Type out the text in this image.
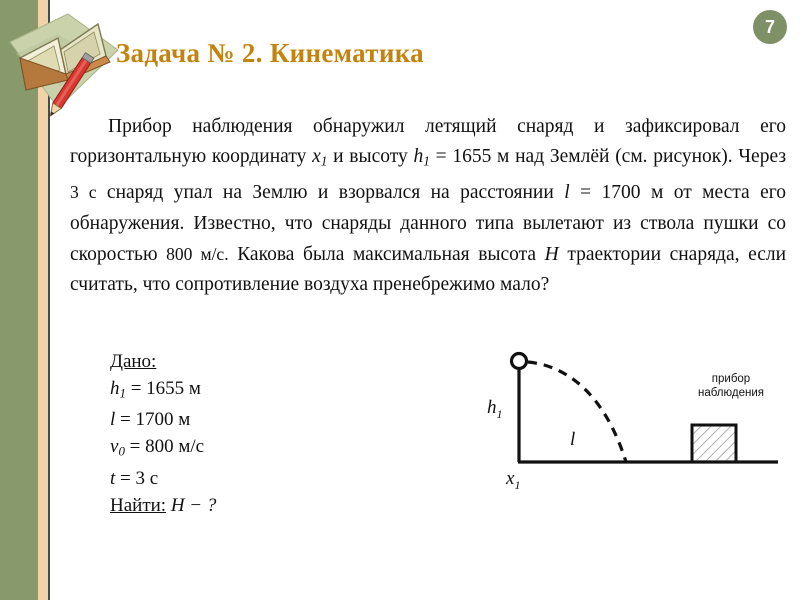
7
Задача № 2. Кинематика
Прибор наблюдения обнаружил летящий снаряд и зафиксировал его горизонтальную координату $x_1$ и высоту $h_1 = 1655$ м над Землёй (см. рисунок). Через 3 с снаряд упал на Землю и взорвался на расстоянии l = 1700 м от места его обнаружения. Известно, что снаряды данного типа вылетают из ствола пушки со скоростью 800 м/с. Какова была максимальная высота H траектории снаряда, если считать, что сопротивление воздуха пренебрежимо мало?
Дано:
$h_1 = 1655$ м
l = 1700 м
$v_0 = 800$ м/с
t = 3 с
Найти: H − ?
$h_1$
l
$x_1$
прибор
наблюдения
